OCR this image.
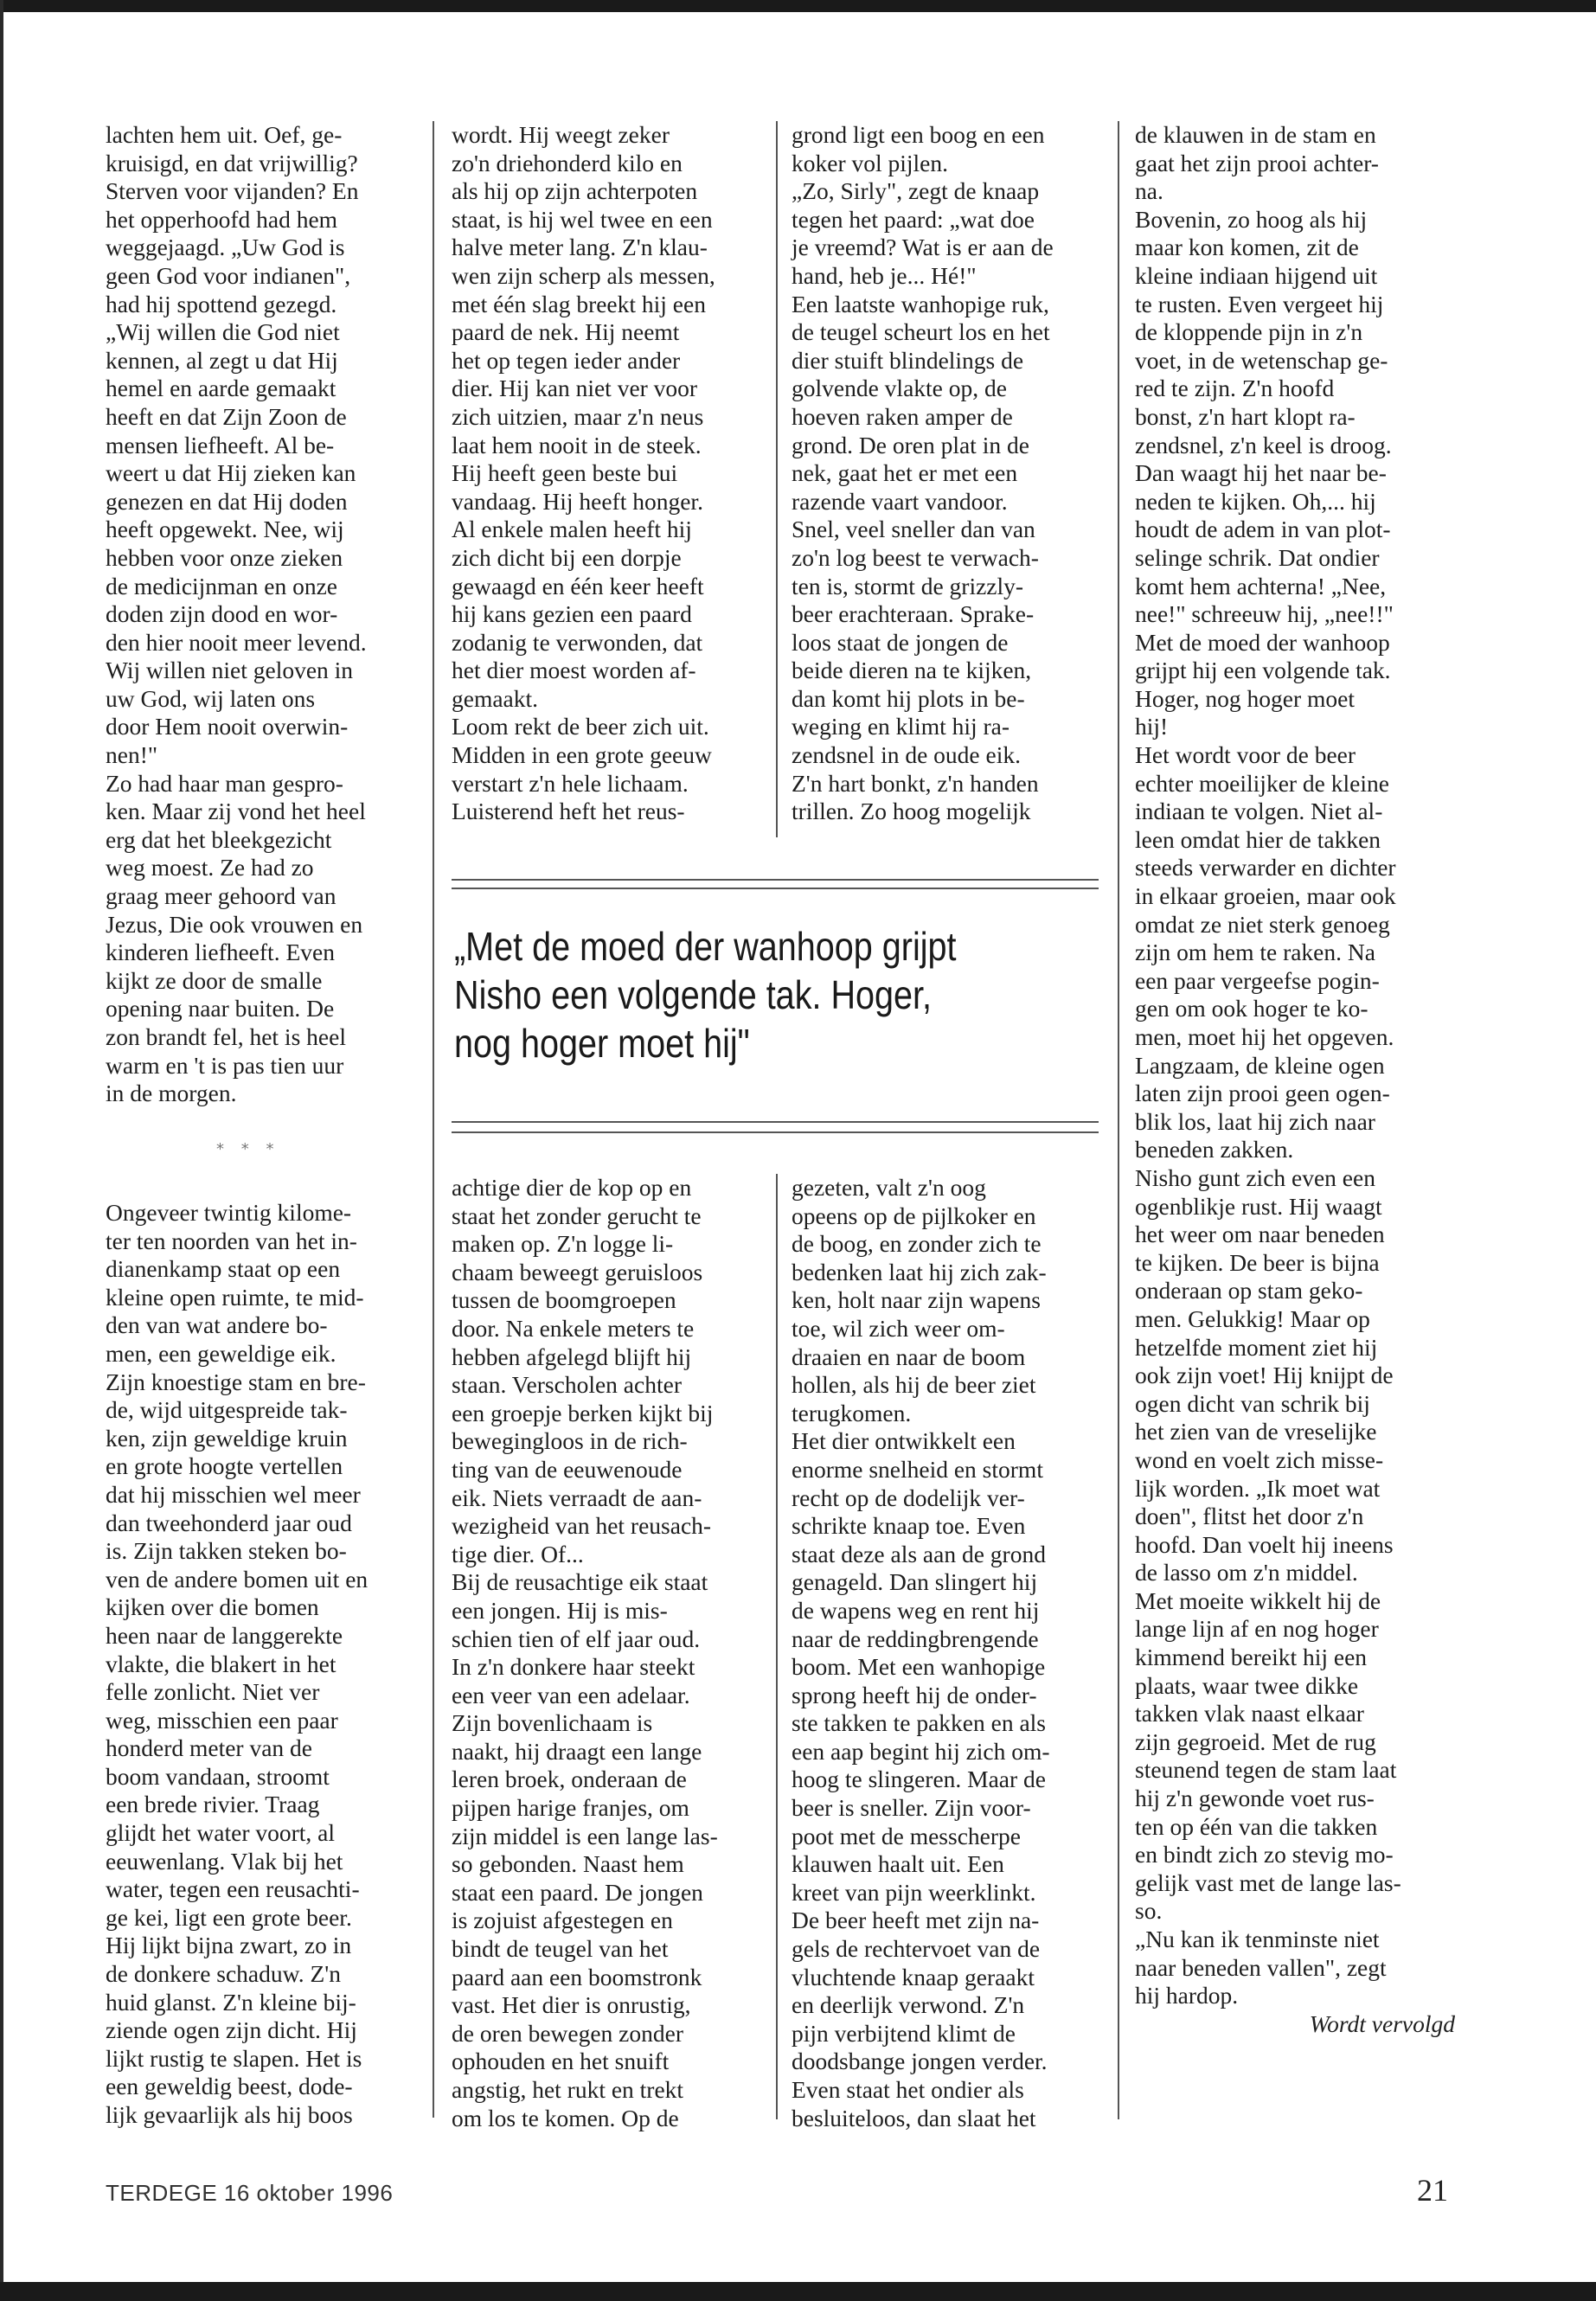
lachten hem uit. Oef, ge-
kruisigd, en dat vrijwillig?
Sterven voor vijanden? En
het opperhoofd had hem
weggejaagd. „Uw God is
geen God voor indianen",
had hij spottend gezegd.
„Wij willen die God niet
kennen, al zegt u dat Hij
hemel en aarde gemaakt
heeft en dat Zijn Zoon de
mensen liefheeft. Al be-
weert u dat Hij zieken kan
genezen en dat Hij doden
heeft opgewekt. Nee, wij
hebben voor onze zieken
de medicijnman en onze
doden zijn dood en wor-
den hier nooit meer levend.
Wij willen niet geloven in
uw God, wij laten ons
door Hem nooit overwin-
nen!"
Zo had haar man gespro-
ken. Maar zij vond het heel
erg dat het bleekgezicht
weg moest. Ze had zo
graag meer gehoord van
Jezus, Die ook vrouwen en
kinderen liefheeft. Even
kijkt ze door de smalle
opening naar buiten. De
zon brandt fel, het is heel
warm en 't is pas tien uur
in de morgen.

* * *

Ongeveer twintig kilome-
ter ten noorden van het in-
dianenkamp staat op een
kleine open ruimte, te mid-
den van wat andere bo-
men, een geweldige eik.
Zijn knoestige stam en bre-
de, wijd uitgespreide tak-
ken, zijn geweldige kruin
en grote hoogte vertellen
dat hij misschien wel meer
dan tweehonderd jaar oud
is. Zijn takken steken bo-
ven de andere bomen uit en
kijken over die bomen
heen naar de langgerekte
vlakte, die blakert in het
felle zonlicht. Niet ver
weg, misschien een paar
honderd meter van de
boom vandaan, stroomt
een brede rivier. Traag
glijdt het water voort, al
eeuwenlang. Vlak bij het
water, tegen een reusachti-
ge kei, ligt een grote beer.
Hij lijkt bijna zwart, zo in
de donkere schaduw. Z'n
huid glanst. Z'n kleine bij-
ziende ogen zijn dicht. Hij
lijkt rustig te slapen. Het is
een geweldig beest, dode-
lijk gevaarlijk als hij boos

wordt. Hij weegt zeker
zo'n driehonderd kilo en
als hij op zijn achterpoten
staat, is hij wel twee en een
halve meter lang. Z'n klau-
wen zijn scherp als messen,
met één slag breekt hij een
paard de nek. Hij neemt
het op tegen ieder ander
dier. Hij kan niet ver voor
zich uitzien, maar z'n neus
laat hem nooit in de steek.
Hij heeft geen beste bui
vandaag. Hij heeft honger.
Al enkele malen heeft hij
zich dicht bij een dorpje
gewaagd en één keer heeft
hij kans gezien een paard
zodanig te verwonden, dat
het dier moest worden af-
gemaakt.
Loom rekt de beer zich uit.
Midden in een grote geeuw
verstart z'n hele lichaam.
Luisterend heft het reus-

grond ligt een boog en een
koker vol pijlen.
„Zo, Sirly", zegt de knaap
tegen het paard: „wat doe
je vreemd? Wat is er aan de
hand, heb je... Hé!"
Een laatste wanhopige ruk,
de teugel scheurt los en het
dier stuift blindelings de
golvende vlakte op, de
hoeven raken amper de
grond. De oren plat in de
nek, gaat het er met een
razende vaart vandoor.
Snel, veel sneller dan van
zo'n log beest te verwach-
ten is, stormt de grizzly-
beer erachteraan. Sprake-
loos staat de jongen de
beide dieren na te kijken,
dan komt hij plots in be-
weging en klimt hij ra-
zendsnel in de oude eik.
Z'n hart bonkt, z'n handen
trillen. Zo hoog mogelijk

„Met de moed der wanhoop grijpt
Nisho een volgende tak. Hoger,
nog hoger moet hij"

achtige dier de kop op en
staat het zonder gerucht te
maken op. Z'n logge li-
chaam beweegt geruisloos
tussen de boomgroepen
door. Na enkele meters te
hebben afgelegd blijft hij
staan. Verscholen achter
een groepje berken kijkt bij
bewegingloos in de rich-
ting van de eeuwenoude
eik. Niets verraadt de aan-
wezigheid van het reusach-
tige dier. Of...
Bij de reusachtige eik staat
een jongen. Hij is mis-
schien tien of elf jaar oud.
In z'n donkere haar steekt
een veer van een adelaar.
Zijn bovenlichaam is
naakt, hij draagt een lange
leren broek, onderaan de
pijpen harige franjes, om
zijn middel is een lange las-
so gebonden. Naast hem
staat een paard. De jongen
is zojuist afgestegen en
bindt de teugel van het
paard aan een boomstronk
vast. Het dier is onrustig,
de oren bewegen zonder
ophouden en het snuift
angstig, het rukt en trekt
om los te komen. Op de

gezeten, valt z'n oog
opeens op de pijlkoker en
de boog, en zonder zich te
bedenken laat hij zich zak-
ken, holt naar zijn wapens
toe, wil zich weer om-
draaien en naar de boom
hollen, als hij de beer ziet
terugkomen.
Het dier ontwikkelt een
enorme snelheid en stormt
recht op de dodelijk ver-
schrikte knaap toe. Even
staat deze als aan de grond
genageld. Dan slingert hij
de wapens weg en rent hij
naar de reddingbrengende
boom. Met een wanhopige
sprong heeft hij de onder-
ste takken te pakken en als
een aap begint hij zich om-
hoog te slingeren. Maar de
beer is sneller. Zijn voor-
poot met de messcherpe
klauwen haalt uit. Een
kreet van pijn weerklinkt.
De beer heeft met zijn na-
gels de rechtervoet van de
vluchtende knaap geraakt
en deerlijk verwond. Z'n
pijn verbijtend klimt de
doodsbange jongen verder.
Even staat het ondier als
besluiteloos, dan slaat het

de klauwen in de stam en
gaat het zijn prooi achter-
na.
Bovenin, zo hoog als hij
maar kon komen, zit de
kleine indiaan hijgend uit
te rusten. Even vergeet hij
de kloppende pijn in z'n
voet, in de wetenschap ge-
red te zijn. Z'n hoofd
bonst, z'n hart klopt ra-
zendsnel, z'n keel is droog.
Dan waagt hij het naar be-
neden te kijken. Oh,... hij
houdt de adem in van plot-
selinge schrik. Dat ondier
komt hem achterna! „Nee,
nee!" schreeuw hij, „nee!!"
Met de moed der wanhoop
grijpt hij een volgende tak.
Hoger, nog hoger moet
hij!
Het wordt voor de beer
echter moeilijker de kleine
indiaan te volgen. Niet al-
leen omdat hier de takken
steeds verwarder en dichter
in elkaar groeien, maar ook
omdat ze niet sterk genoeg
zijn om hem te raken. Na
een paar vergeefse pogin-
gen om ook hoger te ko-
men, moet hij het opgeven.
Langzaam, de kleine ogen
laten zijn prooi geen ogen-
blik los, laat hij zich naar
beneden zakken.
Nisho gunt zich even een
ogenblikje rust. Hij waagt
het weer om naar beneden
te kijken. De beer is bijna
onderaan op stam geko-
men. Gelukkig! Maar op
hetzelfde moment ziet hij
ook zijn voet! Hij knijpt de
ogen dicht van schrik bij
het zien van de vreselijke
wond en voelt zich misse-
lijk worden. „Ik moet wat
doen", flitst het door z'n
hoofd. Dan voelt hij ineens
de lasso om z'n middel.
Met moeite wikkelt hij de
lange lijn af en nog hoger
kimmend bereikt hij een
plaats, waar twee dikke
takken vlak naast elkaar
zijn gegroeid. Met de rug
steunend tegen de stam laat
hij z'n gewonde voet rus-
ten op één van die takken
en bindt zich zo stevig mo-
gelijk vast met de lange las-
so.
„Nu kan ik tenminste niet
naar beneden vallen", zegt
hij hardop.

Wordt vervolgd

TERDEGE 16 oktober 1996	21
